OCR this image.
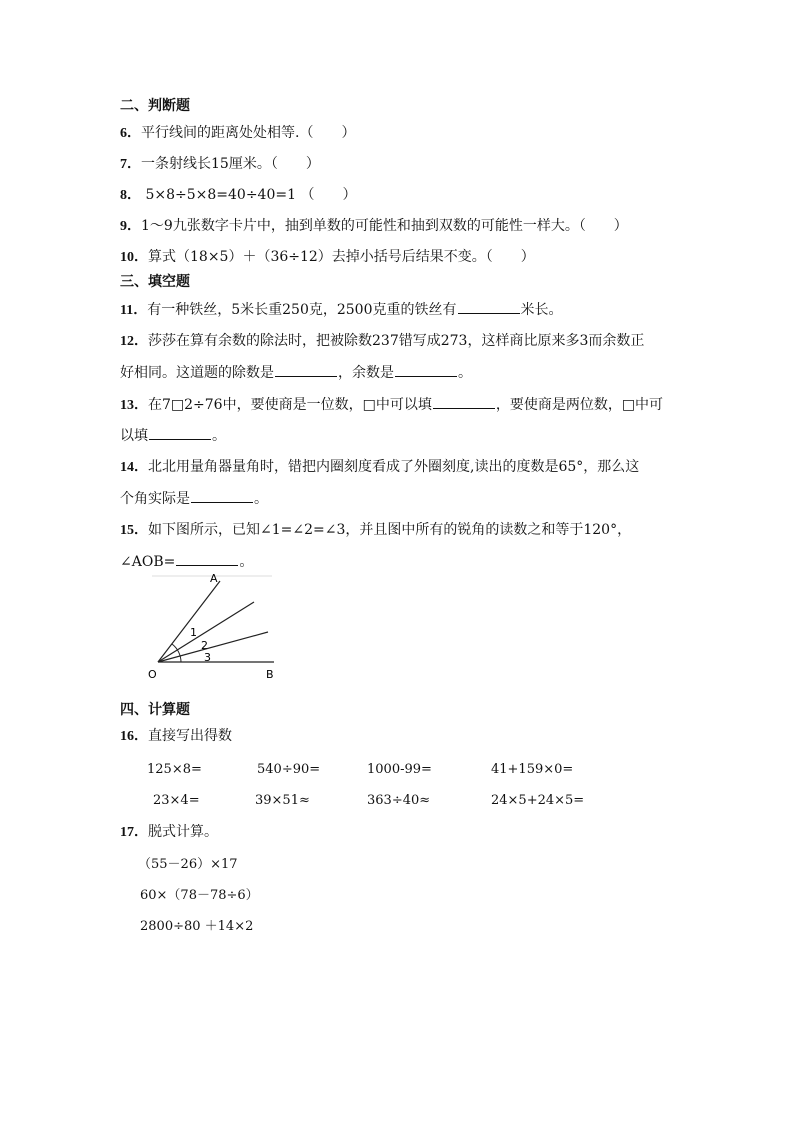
二、判断题
6．平行线间的距离处处相等.（　　）
7．一条射线长15厘米。（　　）
8． 5×8÷5×8=40÷40=1 （　　）
9．1～9九张数字卡片中，抽到单数的可能性和抽到双数的可能性一样大。（　　）
10．算式（18×5）＋（36÷12）去掉小括号后结果不变。（　　）
三、填空题
11．有一种铁丝，5米长重250克，2500克重的铁丝有	米长。
12．莎莎在算有余数的除法时，把被除数237错写成273，这样商比原来多3而余数正
好相同。这道题的除数是	，余数是	。
13．在7□2÷76中，要使商是一位数，□中可以填	，要使商是两位数，□中可
以填	。
14．北北用量角器量角时，错把内圈刻度看成了外圈刻度,读出的度数是65°，那么这
个角实际是	。
15．如下图所示，已知∠1=∠2=∠3，并且图中所有的锐角的读数之和等于120°，
∠AOB=	。
A
O	B
1
2
3
四、计算题
16．直接写出得数
125×8=	540÷90=	1000-99=	41+159×0=
23×4=	39×51≈	363÷40≈	24×5+24×5=
17．脱式计算。
（55－26）×17
60×（78－78÷6）
2800÷80 ＋14×2
